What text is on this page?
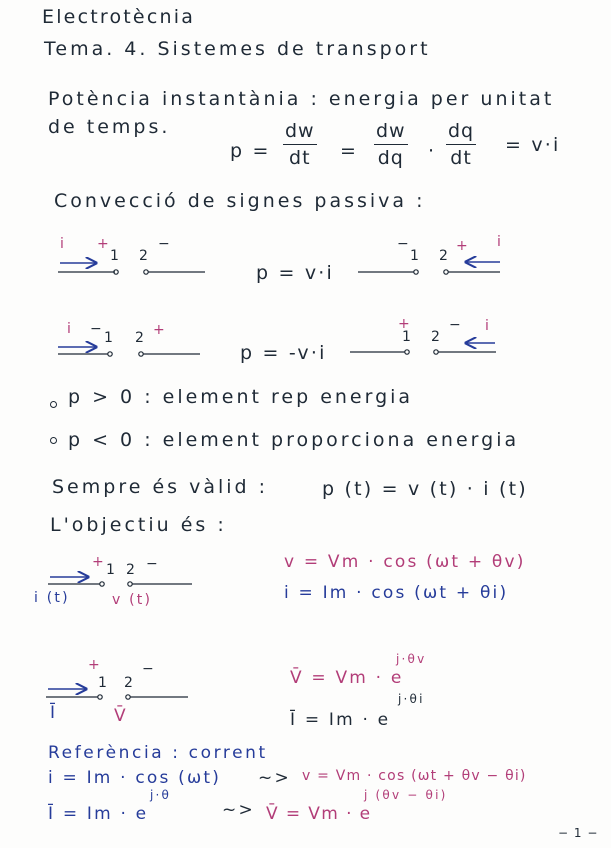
Electrotècnia
Tema. 4. Sistemes de transport
Potència instantània : energia per unitat
de temps.
$p = \frac{dw}{dt} = \frac{dw}{dq} \cdot \frac{dq}{dt} = v\cdot i$
Convecció de signes passiva :
i +
1 2
−
p = v·i
−
1 2
+ i
i −
1 2 +
p = -v·i
+
1 2
− i
p > 0 : element rep energia
p < 0 : element proporciona energia
Sempre és vàlid :	p (t) = v (t) · i (t)
L'objectiu és :
+ 1 2 −
i (t)	v (t)
v = Vm · cos (ωt + θv)
i = Im · cos (ωt + θi)
+
1 2
−
Ī	V̄
V̄ = Vm · e
j·θv
Ī = Im · e
j·θi
Referència : corrent
i = Im · cos (ωt) ~> v = Vm · cos (ωt + θv − θi)
Ī = Im · e
j·θ
~> V̄ = Vm · e
j (θv − θi)
− 1 −
